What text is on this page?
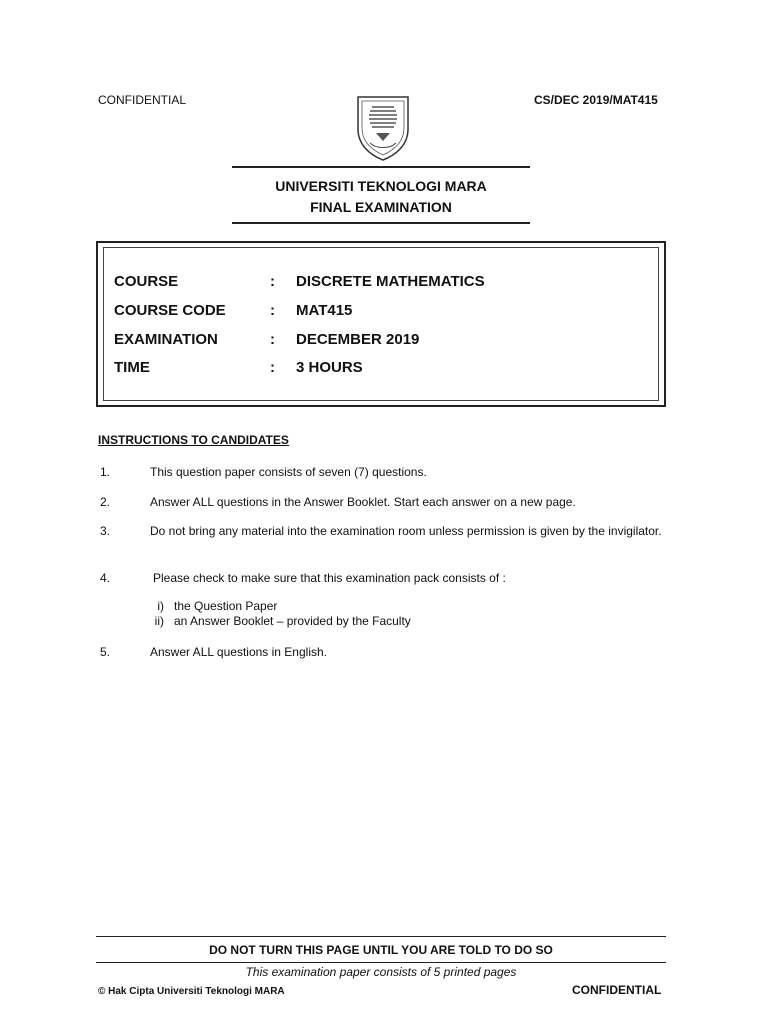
CONFIDENTIAL	CS/DEC 2019/MAT415
UNIVERSITI TEKNOLOGI MARA
FINAL EXAMINATION
COURSE	:	DISCRETE MATHEMATICS
COURSE CODE	:	MAT415
EXAMINATION	:	DECEMBER 2019
TIME	:	3 HOURS
INSTRUCTIONS TO CANDIDATES
1.	This question paper consists of seven (7) questions.
2.	Answer ALL questions in the Answer Booklet. Start each answer on a new page.
3.	Do not bring any material into the examination room unless permission is given by the invigilator.
4.	Please check to make sure that this examination pack consists of :
i) the Question Paper
ii) an Answer Booklet – provided by the Faculty
5.	Answer ALL questions in English.
DO NOT TURN THIS PAGE UNTIL YOU ARE TOLD TO DO SO
This examination paper consists of 5 printed pages
© Hak Cipta Universiti Teknologi MARA	CONFIDENTIAL
